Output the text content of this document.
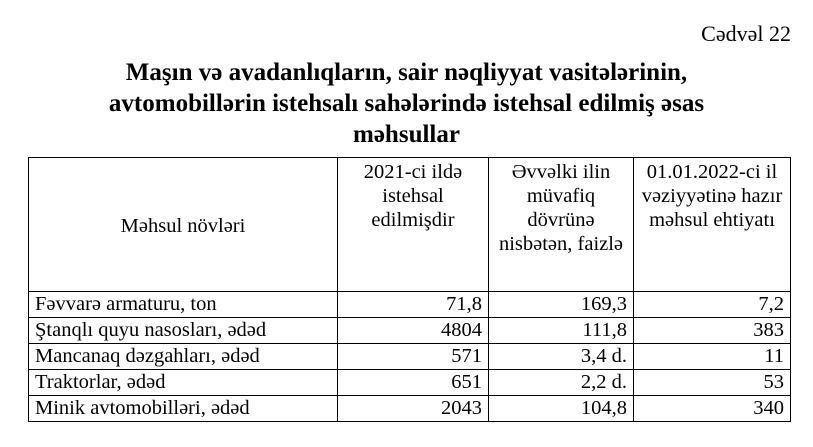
Cədvəl 22
Maşın və avadanlıqların, sair nəqliyyat vasitələrinin,
avtomobillərin istehsalı sahələrində istehsal edilmiş əsas
məhsullar
Məhsul növləri	2021-ci ildə istehsal edilmişdir	Əvvəlki ilin müvafiq dövrünə nisbətən, faizlə	01.01.2022-ci il vəziyyətinə hazır məhsul ehtiyatı
Fəvvarə armaturu, ton	71,8	169,3	7,2
Ştanqlı quyu nasosları, ədəd	4804	111,8	383
Mancanaq dəzgahları, ədəd	571	3,4 d.	11
Traktorlar, ədəd	651	2,2 d.	53
Minik avtomobilləri, ədəd	2043	104,8	340
